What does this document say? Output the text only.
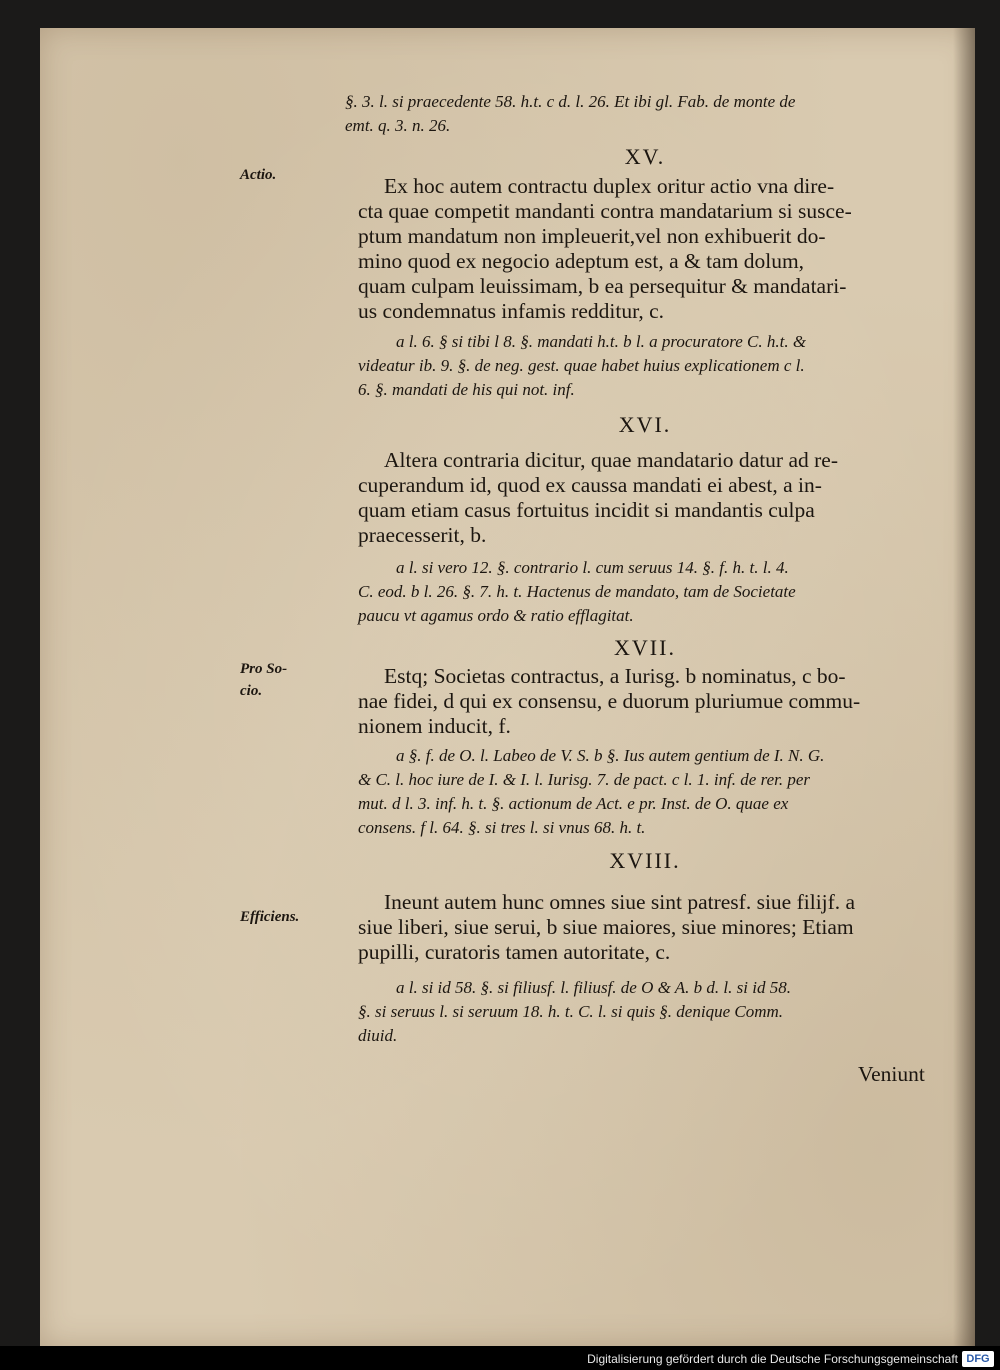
§. 3. l. si praecedente 58. h.t. c d. l. 26. Et ibi gl. Fab. de monte de
emt. q. 3. n. 26.
XV.
Actio.	Ex hoc autem contractu duplex oritur actio vna dire-
cta quae competit mandanti contra mandatarium si susce-
ptum mandatum non impleuerit,vel non exhibuerit do-
mino quod ex negocio adeptum est, a & tam dolum,
quam culpam leuissimam, b ea persequitur & mandatari-
us condemnatus infamis redditur, c.
a l. 6. § si tibi l 8. §. mandati h.t. b l. a procuratore C. h.t. &
videatur ib. 9. §. de neg. gest. quae habet huius explicationem c l.
6. §. mandati de his qui not. inf.
XVI.
Altera contraria dicitur, quae mandatario datur ad re-
cuperandum id, quod ex caussa mandati ei abest, a in-
quam etiam casus fortuitus incidit si mandantis culpa
praecesserit, b.
a l. si vero 12. §. contrario l. cum seruus 14. §. f. h. t. l. 4.
C. eod. b l. 26. §. 7. h. t. Hactenus de mandato, tam de Societate
paucu vt agamus ordo & ratio efflagitat.
XVII.
Pro So-
cio.
Estq; Societas contractus, a Iurisg. b nominatus, c bo-
nae fidei, d qui ex consensu, e duorum pluriumue commu-
nionem inducit, f.
a §. f. de O. l. Labeo de V. S. b §. Ius autem gentium de I. N. G.
& C. l. hoc iure de I. & I. l. Iurisg. 7. de pact. c l. 1. inf. de rer. per
mut. d l. 3. inf. h. t. §. actionum de Act. e pr. Inst. de O. quae ex
consens. f l. 64. §. si tres l. si vnus 68. h. t.
XVIII.
Efficiens.
Ineunt autem hunc omnes siue sint patresf. siue filijf. a
siue liberi, siue serui, b siue maiores, siue minores; Etiam
pupilli, curatoris tamen autoritate, c.
a l. si id 58. §. si filiusf. l. filiusf. de O & A. b d. l. si id 58.
§. si seruus l. si seruum 18. h. t. C. l. si quis §. denique Comm.
diuid.
Veniunt
Digitalisierung gefördert durch die Deutsche Forschungsgemeinschaft DFG
